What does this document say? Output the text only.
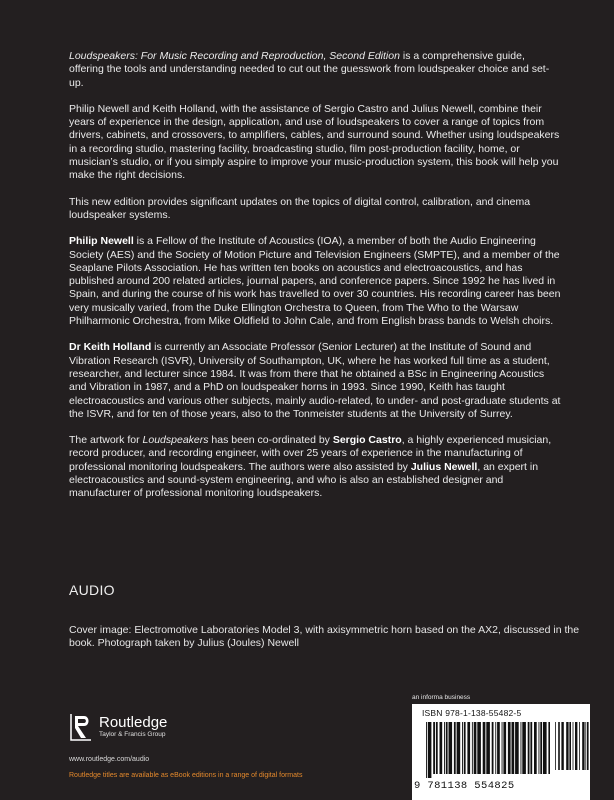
Loudspeakers: For Music Recording and Reproduction, Second Edition is a comprehensive guide, offering the tools and understanding needed to cut out the guesswork from loudspeaker choice and set-up.

Philip Newell and Keith Holland, with the assistance of Sergio Castro and Julius Newell, combine their years of experience in the design, application, and use of loudspeakers to cover a range of topics from drivers, cabinets, and crossovers, to amplifiers, cables, and surround sound. Whether using loudspeakers in a recording studio, mastering facility, broadcasting studio, film post-production facility, home, or musician’s studio, or if you simply aspire to improve your music-production system, this book will help you make the right decisions.

This new edition provides significant updates on the topics of digital control, calibration, and cinema loudspeaker systems.

Philip Newell is a Fellow of the Institute of Acoustics (IOA), a member of both the Audio Engineering Society (AES) and the Society of Motion Picture and Television Engineers (SMPTE), and a member of the Seaplane Pilots Association. He has written ten books on acoustics and electroacoustics, and has published around 200 related articles, journal papers, and conference papers. Since 1992 he has lived in Spain, and during the course of his work has travelled to over 30 countries. His recording career has been very musically varied, from the Duke Ellington Orchestra to Queen, from The Who to the Warsaw Philharmonic Orchestra, from Mike Oldfield to John Cale, and from English brass bands to Welsh choirs.

Dr Keith Holland is currently an Associate Professor (Senior Lecturer) at the Institute of Sound and Vibration Research (ISVR), University of Southampton, UK, where he has worked full time as a student, researcher, and lecturer since 1984. It was from there that he obtained a BSc in Engineering Acoustics and Vibration in 1987, and a PhD on loudspeaker horns in 1993. Since 1990, Keith has taught electroacoustics and various other subjects, mainly audio-related, to under- and post-graduate students at the ISVR, and for ten of those years, also to the Tonmeister students at the University of Surrey.

The artwork for Loudspeakers has been co-ordinated by Sergio Castro, a highly experienced musician, record producer, and recording engineer, with over 25 years of experience in the manufacturing of professional monitoring loudspeakers. The authors were also assisted by Julius Newell, an expert in electroacoustics and sound-system engineering, and who is also an established designer and manufacturer of professional monitoring loudspeakers.

AUDIO
Cover image: Electromotive Laboratories Model 3, with axisymmetric horn based on the AX2, discussed in the book. Photograph taken by Julius (Joules) Newell
Routledge
Taylor & Francis Group
www.routledge.com/audio
Routledge titles are available as eBook editions in a range of digital formats
an informa business
ISBN 978-1-138-55482-5
9 781138 554825
